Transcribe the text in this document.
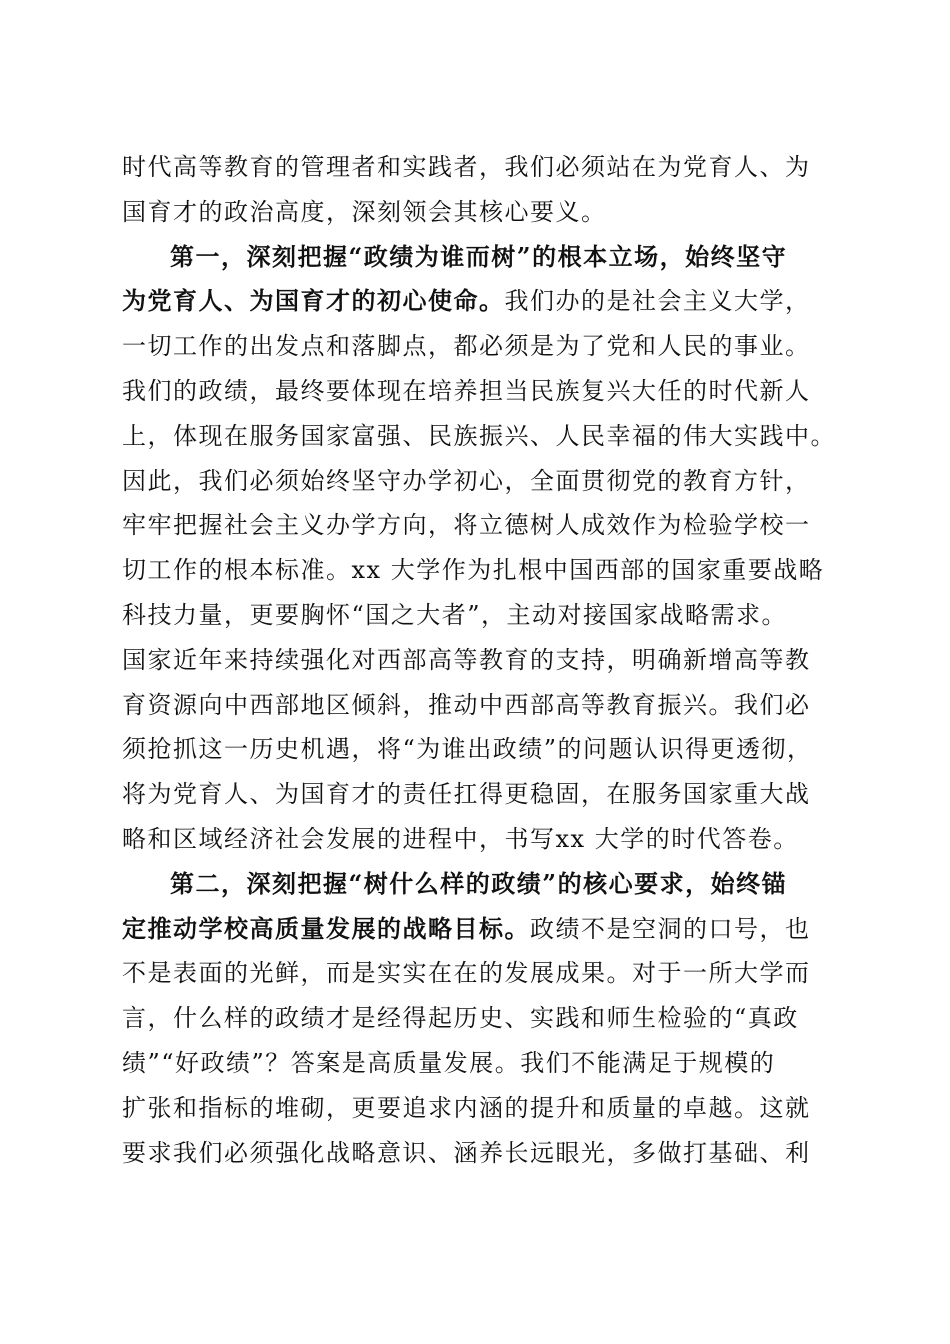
时代高等教育的管理者和实践者，我们必须站在为党育人、为
国育才的政治高度，深刻领会其核心要义。
第一，深刻把握“政绩为谁而树”的根本立场，始终坚守
为党育人、为国育才的初心使命。我们办的是社会主义大学，
一切工作的出发点和落脚点，都必须是为了党和人民的事业。
我们的政绩，最终要体现在培养担当民族复兴大任的时代新人
上，体现在服务国家富强、民族振兴、人民幸福的伟大实践中。
因此，我们必须始终坚守办学初心，全面贯彻党的教育方针，
牢牢把握社会主义办学方向，将立德树人成效作为检验学校一
切工作的根本标准。xx 大学作为扎根中国西部的国家重要战略
科技力量，更要胸怀“国之大者”，主动对接国家战略需求。
国家近年来持续强化对西部高等教育的支持，明确新增高等教
育资源向中西部地区倾斜，推动中西部高等教育振兴。我们必
须抢抓这一历史机遇，将“为谁出政绩”的问题认识得更透彻，
将为党育人、为国育才的责任扛得更稳固，在服务国家重大战
略和区域经济社会发展的进程中，书写xx 大学的时代答卷。
第二，深刻把握“树什么样的政绩”的核心要求，始终锚
定推动学校高质量发展的战略目标。政绩不是空洞的口号，也
不是表面的光鲜，而是实实在在的发展成果。对于一所大学而
言，什么样的政绩才是经得起历史、实践和师生检验的“真政
绩”“好政绩”？答案是高质量发展。我们不能满足于规模的
扩张和指标的堆砌，更要追求内涵的提升和质量的卓越。这就
要求我们必须强化战略意识、涵养长远眼光，多做打基础、利
